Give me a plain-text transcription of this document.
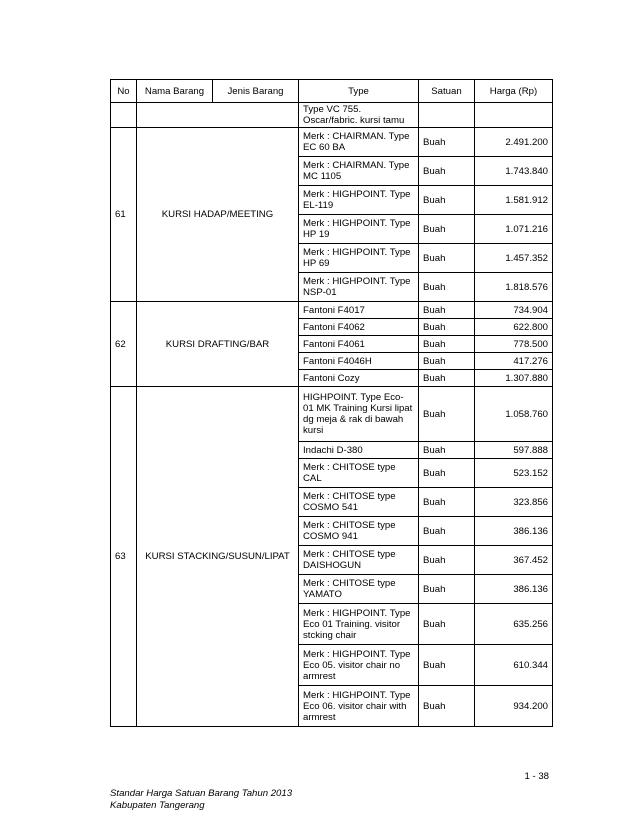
No	Nama Barang	Jenis Barang	Type	Satuan	Harga (Rp)
			Type VC 755. Oscar/fabric. kursi tamu		
61	KURSI HADAP/MEETING		Merk : CHAIRMAN. Type EC 60 BA	Buah	2.491.200
			Merk : CHAIRMAN. Type MC 1105	Buah	1.743.840
			Merk : HIGHPOINT. Type EL-119	Buah	1.581.912
			Merk : HIGHPOINT. Type HP 19	Buah	1.071.216
			Merk : HIGHPOINT. Type HP 69	Buah	1.457.352
			Merk : HIGHPOINT. Type NSP-01	Buah	1.818.576
62	KURSI DRAFTING/BAR		Fantoni F4017	Buah	734.904
			Fantoni F4062	Buah	622.800
			Fantoni F4061	Buah	778.500
			Fantoni F4046H	Buah	417.276
			Fantoni Cozy	Buah	1.307.880
63	KURSI STACKING/SUSUN/LIPAT		HIGHPOINT. Type Eco-01 MK Training Kursi lipat dg meja & rak di bawah kursi	Buah	1.058.760
			Indachi D-380	Buah	597.888
			Merk : CHITOSE type CAL	Buah	523.152
			Merk : CHITOSE type COSMO 541	Buah	323.856
			Merk : CHITOSE type COSMO 941	Buah	386.136
			Merk : CHITOSE type DAISHOGUN	Buah	367.452
			Merk : CHITOSE type YAMATO	Buah	386.136
			Merk : HIGHPOINT. Type Eco 01 Training. visitor stcking chair	Buah	635.256
			Merk : HIGHPOINT. Type Eco 05. visitor chair no armrest	Buah	610.344
			Merk : HIGHPOINT. Type Eco 06. visitor chair with armrest	Buah	934.200
1 - 38
Standar Harga Satuan Barang Tahun 2013
Kabupaten Tangerang
